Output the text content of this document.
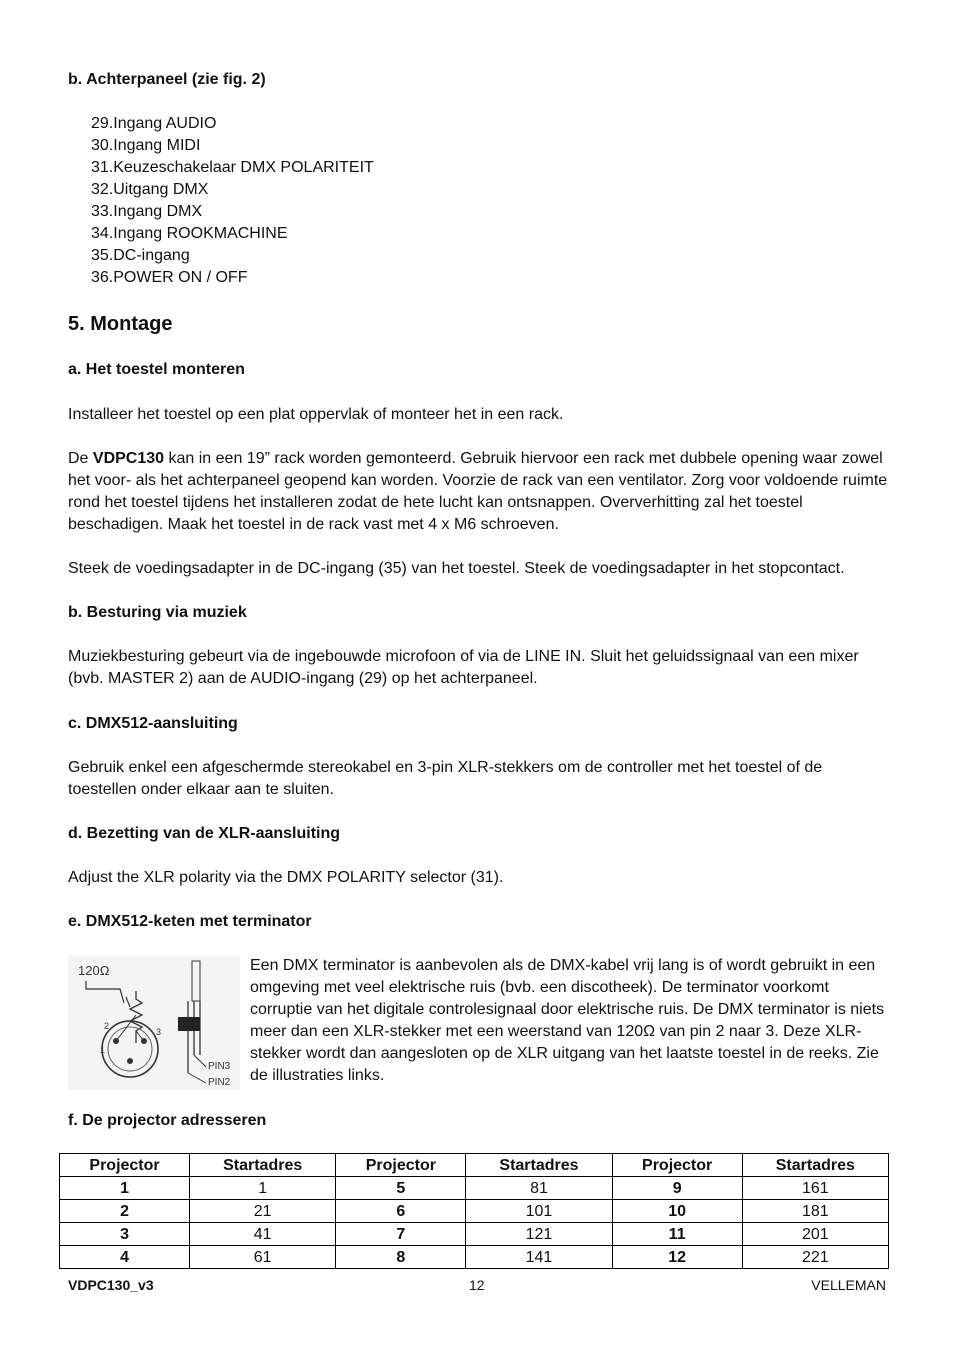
b. Achterpaneel (zie fig. 2)
29.Ingang AUDIO
30.Ingang MIDI
31.Keuzeschakelaar DMX POLARITEIT
32.Uitgang DMX
33.Ingang DMX
34.Ingang ROOKMACHINE
35.DC-ingang
36.POWER ON / OFF
5. Montage
a. Het toestel monteren
Installeer het toestel op een plat oppervlak of monteer het in een rack.
De VDPC130 kan in een 19” rack worden gemonteerd. Gebruik hiervoor een rack met dubbele opening waar zowel het voor- als het achterpaneel geopend kan worden. Voorzie de rack van een ventilator. Zorg voor voldoende ruimte rond het toestel tijdens het installeren zodat de hete lucht kan ontsnappen. Oververhitting zal het toestel beschadigen. Maak het toestel in de rack vast met 4 x M6 schroeven.
Steek de voedingsadapter in de DC-ingang (35) van het toestel. Steek de voedingsadapter in het stopcontact.
b. Besturing via muziek
Muziekbesturing gebeurt via de ingebouwde microfoon of via de LINE IN. Sluit het geluidssignaal van een mixer (bvb. MASTER 2) aan de AUDIO-ingang (29) op het achterpaneel.
c. DMX512-aansluiting
Gebruik enkel een afgeschermde stereokabel en 3-pin XLR-stekkers om de controller met het toestel of de toestellen onder elkaar aan te sluiten.
d. Bezetting van de XLR-aansluiting
Adjust the XLR polarity via the DMX POLARITY selector (31).
e. DMX512-keten met terminator
120Ω
2
1
3
PIN3
PIN2
Een DMX terminator is aanbevolen als de DMX-kabel vrij lang is of wordt gebruikt in een omgeving met veel elektrische ruis (bvb. een discotheek). De terminator voorkomt corruptie van het digitale controlesignaal door elektrische ruis. De DMX terminator is niets meer dan een XLR-stekker met een weerstand van 120Ω van pin 2 naar 3. Deze XLR-stekker wordt dan aangesloten op de XLR uitgang van het laatste toestel in de reeks. Zie de illustraties links.
f. De projector adresseren
Projector	Startadres	Projector	Startadres	Projector	Startadres
1	1	5	81	9	161
2	21	6	101	10	181
3	41	7	121	11	201
4	61	8	141	12	221
VDPC130_v3	12	VELLEMAN
